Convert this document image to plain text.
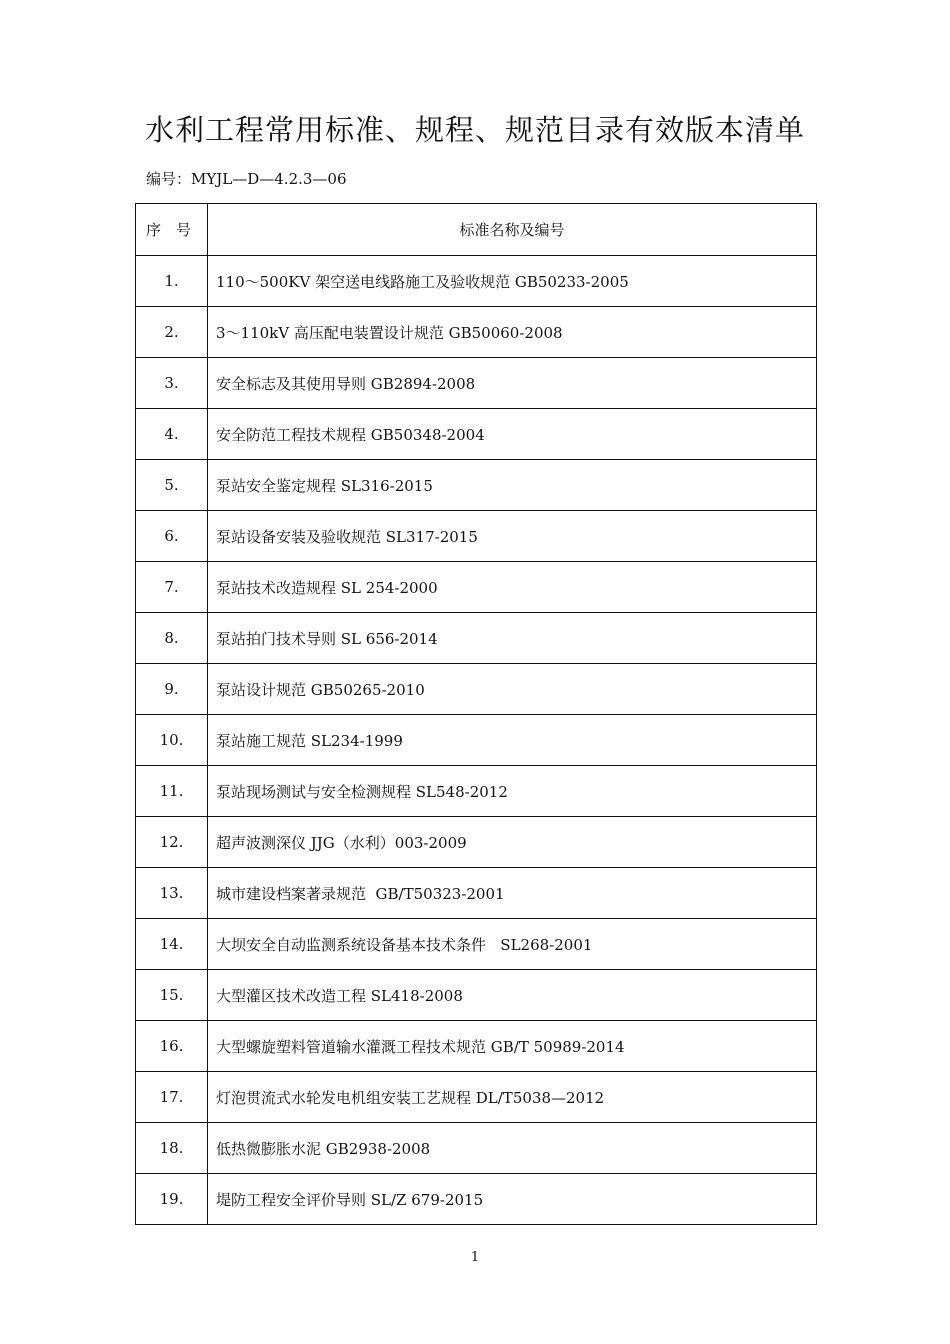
水利工程常用标准、规程、规范目录有效版本清单
编号：MYJL—D—4.2.3—06
序　号	标准名称及编号
1.	110～500KV 架空送电线路施工及验收规范 GB50233-2005
2.	3～110kV 高压配电装置设计规范 GB50060-2008
3.	安全标志及其使用导则 GB2894-2008
4.	安全防范工程技术规程 GB50348-2004
5.	泵站安全鉴定规程 SL316-2015
6.	泵站设备安装及验收规范 SL317-2015
7.	泵站技术改造规程 SL 254-2000
8.	泵站拍门技术导则 SL 656-2014
9.	泵站设计规范 GB50265-2010
10.	泵站施工规范 SL234-1999
11.	泵站现场测试与安全检测规程 SL548-2012
12.	超声波测深仪 JJG（水利）003-2009
13.	城市建设档案著录规范  GB/T50323-2001
14.	大坝安全自动监测系统设备基本技术条件   SL268-2001
15.	大型灌区技术改造工程 SL418-2008
16.	大型螺旋塑料管道输水灌溉工程技术规范 GB/T 50989-2014
17.	灯泡贯流式水轮发电机组安装工艺规程 DL/T5038—2012
18.	低热微膨胀水泥 GB2938-2008
19.	堤防工程安全评价导则 SL/Z 679-2015
1
